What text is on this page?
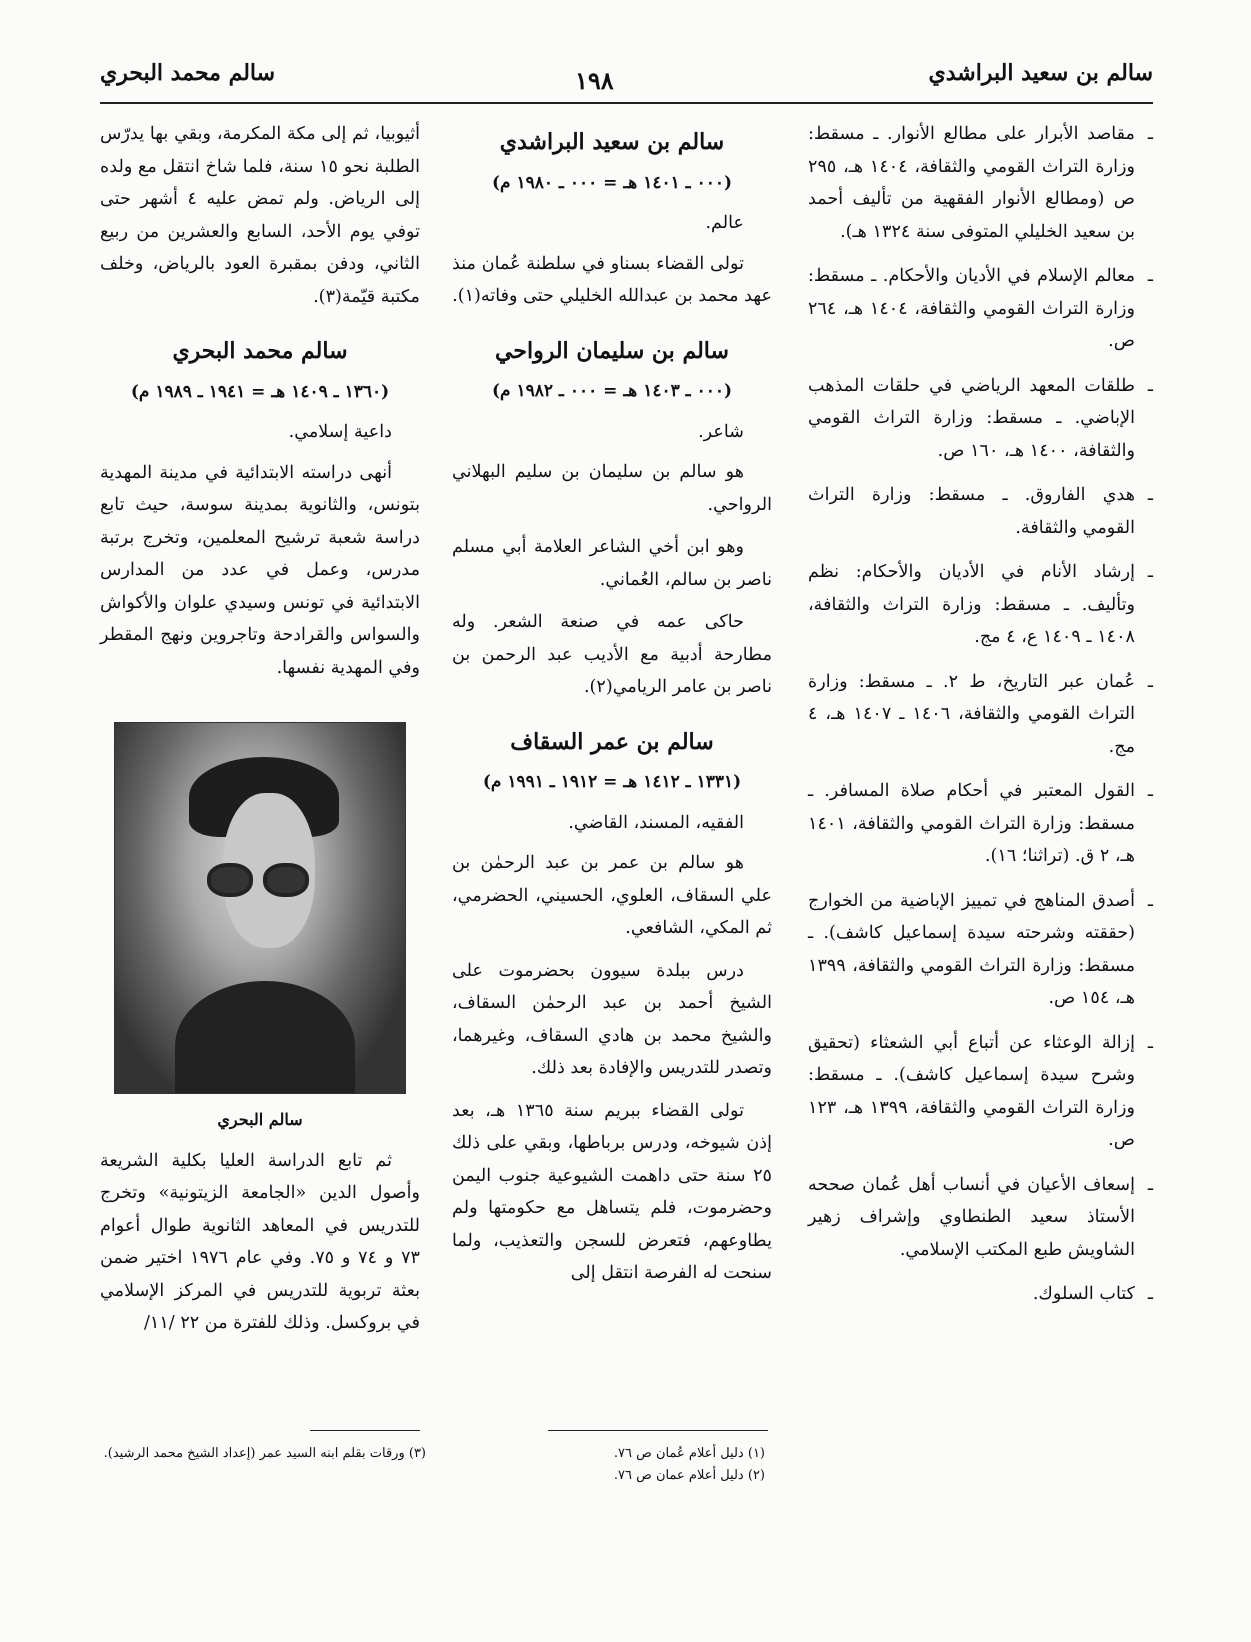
سالم بن سعيد البراشدي
١٩٨
سالم محمد البحري

ـ مقاصد الأبرار على مطالع الأنوار. ـ مسقط: وزارة التراث القومي والثقافة، ١٤٠٤ هـ، ٢٩٥ ص (ومطالع الأنوار الفقهية من تأليف أحمد بن سعيد الخليلي المتوفى سنة ١٣٢٤ هـ).

ـ معالم الإسلام في الأديان والأحكام. ـ مسقط: وزارة التراث القومي والثقافة، ١٤٠٤ هـ، ٢٦٤ ص.

ـ طلقات المعهد الرياضي في حلقات المذهب الإباضي. ـ مسقط: وزارة التراث القومي والثقافة، ١٤٠٠ هـ، ١٦٠ ص.

ـ هدي الفاروق. ـ مسقط: وزارة التراث القومي والثقافة.

ـ إرشاد الأنام في الأديان والأحكام: نظم وتأليف. ـ مسقط: وزارة التراث والثقافة، ١٤٠٨ ـ ١٤٠٩ ع، ٤ مج.

ـ عُمان عبر التاريخ، ط ٢. ـ مسقط: وزارة التراث القومي والثقافة، ١٤٠٦ ـ ١٤٠٧ هـ، ٤ مج.

ـ القول المعتبر في أحكام صلاة المسافر. ـ مسقط: وزارة التراث القومي والثقافة، ١٤٠١ هـ، ٢ ق. (تراثنا؛ ١٦).

ـ أصدق المناهج في تمييز الإباضية من الخوارج (حققته وشرحته سيدة إسماعيل كاشف). ـ مسقط: وزارة التراث القومي والثقافة، ١٣٩٩ هـ، ١٥٤ ص.

ـ إزالة الوعثاء عن أتباع أبي الشعثاء (تحقيق وشرح سيدة إسماعيل كاشف). ـ مسقط: وزارة التراث القومي والثقافة، ١٣٩٩ هـ، ١٢٣ ص.

ـ إسعاف الأعيان في أنساب أهل عُمان صححه الأستاذ سعيد الطنطاوي وإشراف زهير الشاويش طبع المكتب الإسلامي.

ـ كتاب السلوك.

سالم بن سعيد البراشدي
(٠٠٠ ـ ١٤٠١ هـ = ٠٠٠ ـ ١٩٨٠ م)
عالم.

تولى القضاء بسناو في سلطنة عُمان منذ عهد محمد بن عبدالله الخليلي حتى وفاته(١).

سالم بن سليمان الرواحي
(٠٠٠ ـ ١٤٠٣ هـ = ٠٠٠ ـ ١٩٨٢ م)
شاعر.

هو سالم بن سليمان بن سليم البهلاني الرواحي.

وهو ابن أخي الشاعر العلامة أبي مسلم ناصر بن سالم، العُماني.

حاكى عمه في صنعة الشعر. وله مطارحة أدبية مع الأديب عبد الرحمن بن ناصر بن عامر الريامي(٢).

سالم بن عمر السقاف
(١٣٣١ ـ ١٤١٢ هـ = ١٩١٢ ـ ١٩٩١ م)
الفقيه، المسند، القاضي.

هو سالم بن عمر بن عبد الرحمٰن بن علي السقاف، العلوي، الحسيني، الحضرمي، ثم المكي، الشافعي.

درس ببلدة سيوون بحضرموت على الشيخ أحمد بن عبد الرحمٰن السقاف، والشيخ محمد بن هادي السقاف، وغيرهما، وتصدر للتدريس والإفادة بعد ذلك.

تولى القضاء ببريم سنة ١٣٦٥ هـ، بعد إذن شيوخه، ودرس برباطها، وبقي على ذلك ٢٥ سنة حتى داهمت الشيوعية جنوب اليمن وحضرموت، فلم يتساهل مع حكومتها ولم يطاوعهم، فتعرض للسجن والتعذيب، ولما سنحت له الفرصة انتقل إلى

أثيوبيا، ثم إلى مكة المكرمة، وبقي بها يدرّس الطلبة نحو ١٥ سنة، فلما شاخ انتقل مع ولده إلى الرياض. ولم تمض عليه ٤ أشهر حتى توفي يوم الأحد، السابع والعشرين من ربيع الثاني، ودفن بمقبرة العود بالرياض، وخلف مكتبة قيّمة(٣).

سالم محمد البحري
(١٣٦٠ ـ ١٤٠٩ هـ = ١٩٤١ ـ ١٩٨٩ م)
داعية إسلامي.

أنهى دراسته الابتدائية في مدينة المهدية بتونس، والثانوية بمدينة سوسة، حيث تابع دراسة شعبة ترشيح المعلمين، وتخرج برتبة مدرس، وعمل في عدد من المدارس الابتدائية في تونس وسيدي علوان والأكواش والسواس والقرادحة وتاجروين ونهج المقطر وفي المهدية نفسها.

سالم البحري

ثم تابع الدراسة العليا بكلية الشريعة وأصول الدين «الجامعة الزيتونية» وتخرج للتدريس في المعاهد الثانوية طوال أعوام ٧٣ و ٧٤ و ٧٥. وفي عام ١٩٧٦ اختير ضمن بعثة تربوية للتدريس في المركز الإسلامي في بروكسل. وذلك للفترة من ٢٢ /١١/

(١) دليل أعلام عُمان ص ٧٦.
(٢) دليل أعلام عمان ص ٧٦.
(٣) ورقات بقلم ابنه السيد عمر (إعداد الشيخ محمد الرشيد).
